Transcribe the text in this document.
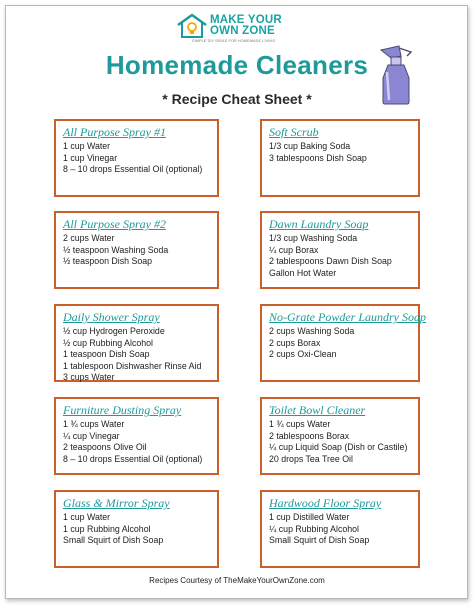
MAKE YOUR
OWN ZONE
SIMPLE DIY IDEAS FOR HOMEMADE LIVING
Homemade Cleaners
* Recipe Cheat Sheet *
All Purpose Spray #1
1 cup Water
1 cup Vinegar
8 – 10 drops Essential Oil (optional)
Soft Scrub
1/3 cup Baking Soda
3 tablespoons Dish Soap
All Purpose Spray #2
2 cups Water
½ teaspoon Washing Soda
½ teaspoon Dish Soap
Dawn Laundry Soap
1/3 cup Washing Soda
¼ cup Borax
2 tablespoons Dawn Dish Soap
Gallon Hot Water
Daily Shower Spray
½ cup Hydrogen Peroxide
½ cup Rubbing Alcohol
1 teaspoon Dish Soap
1 tablespoon Dishwasher Rinse Aid
3 cups Water
No-Grate Powder Laundry Soap
2 cups Washing Soda
2 cups Borax
2 cups Oxi-Clean
Furniture Dusting Spray
1 ¾ cups Water
¼ cup Vinegar
2 teaspoons Olive Oil
8 – 10 drops Essential Oil (optional)
Toilet Bowl Cleaner
1 ¾ cups Water
2 tablespoons Borax
¼ cup Liquid Soap (Dish or Castile)
20 drops Tea Tree Oil
Glass & Mirror Spray
1 cup Water
1 cup Rubbing Alcohol
Small Squirt of Dish Soap
Hardwood Floor Spray
1 cup Distilled Water
¼ cup Rubbing Alcohol
Small Squirt of Dish Soap
Recipes Courtesy of TheMakeYourOwnZone.com
